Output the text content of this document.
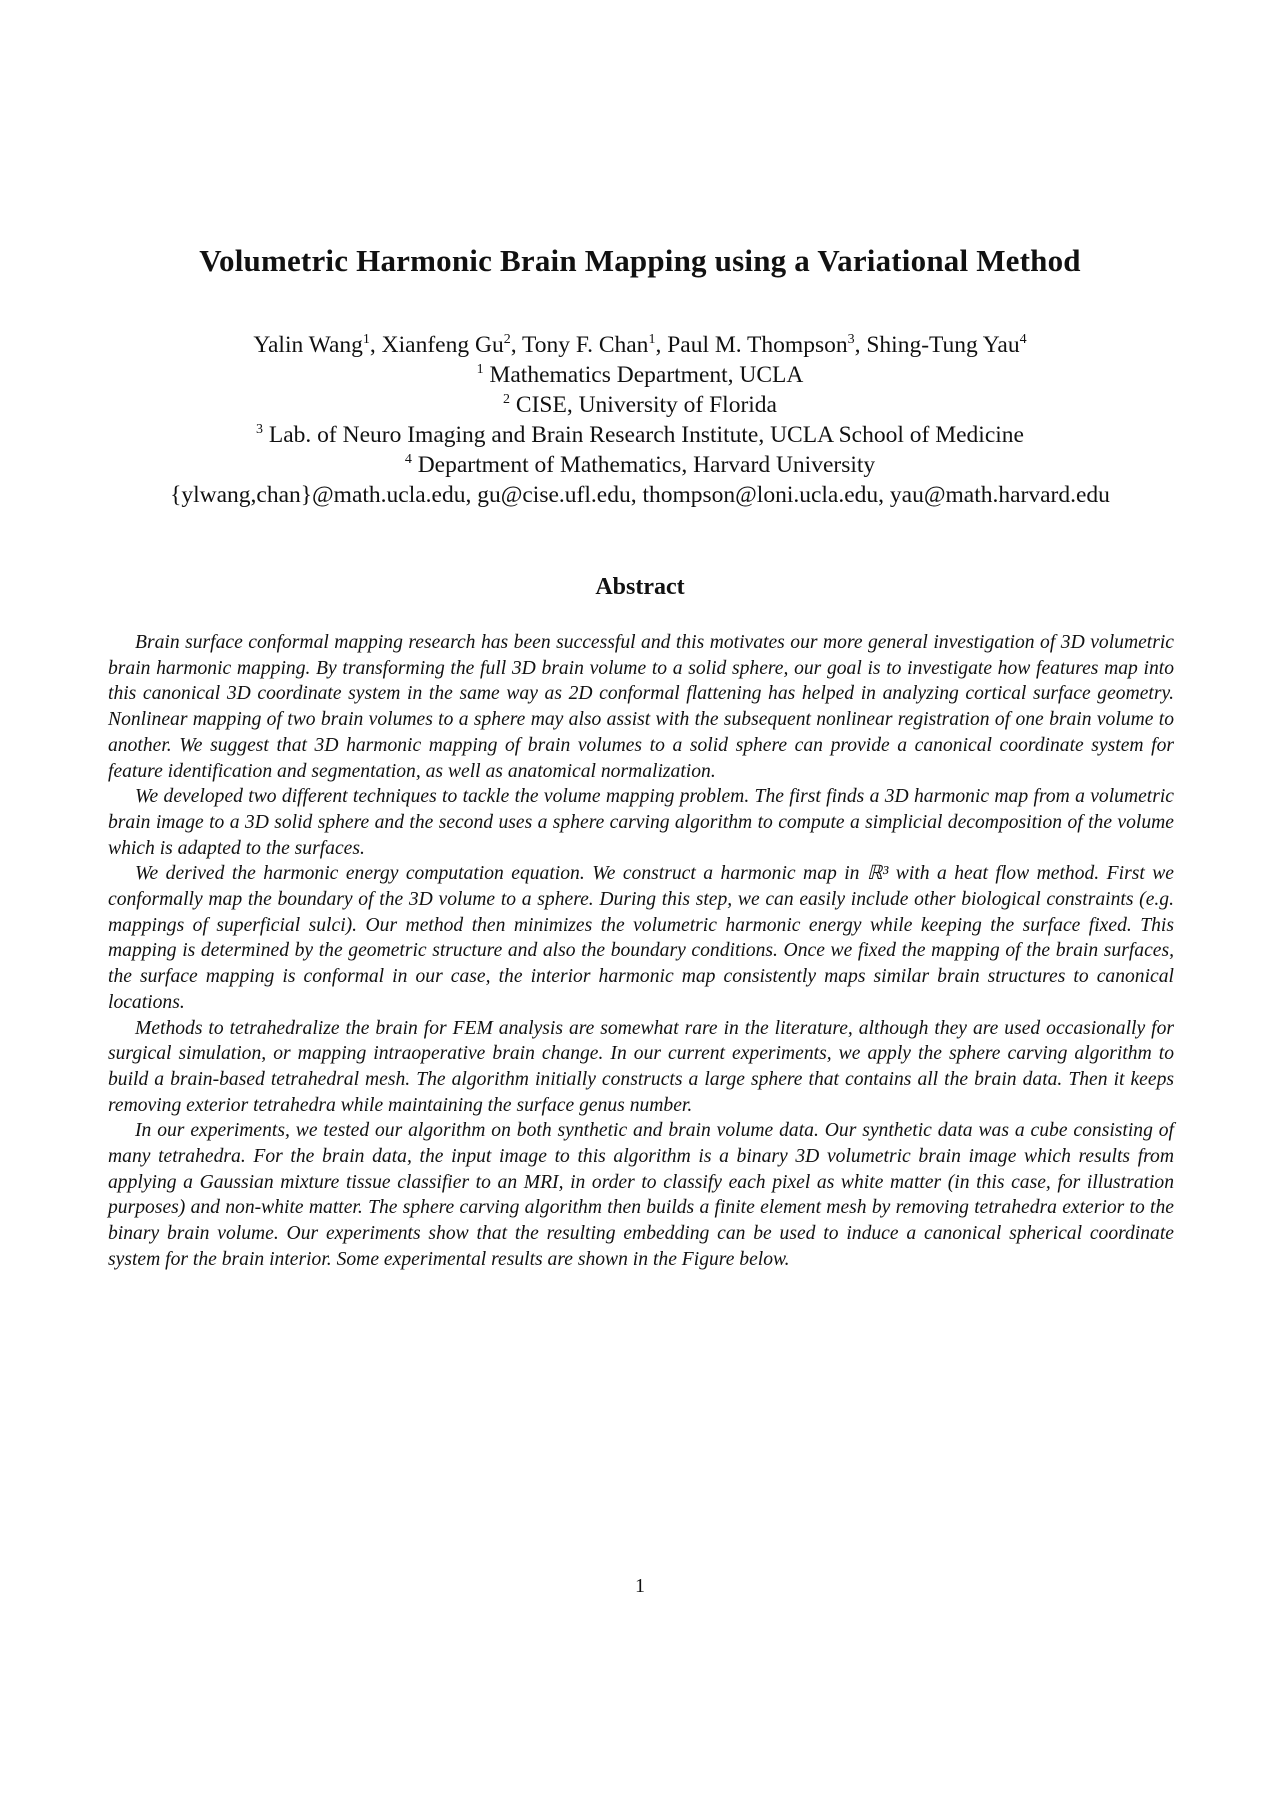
Volumetric Harmonic Brain Mapping using a Variational Method
Yalin Wang$^1$, Xianfeng Gu$^2$, Tony F. Chan$^1$, Paul M. Thompson$^3$, Shing-Tung Yau$^4$
$^1$ Mathematics Department, UCLA
$^2$ CISE, University of Florida
$^3$ Lab. of Neuro Imaging and Brain Research Institute, UCLA School of Medicine
$^4$ Department of Mathematics, Harvard University
{ylwang,chan}@math.ucla.edu, gu@cise.ufl.edu, thompson@loni.ucla.edu, yau@math.harvard.edu
Abstract

Brain surface conformal mapping research has been successful and this motivates our more general investigation of 3D volumetric brain harmonic mapping. By transforming the full 3D brain volume to a solid sphere, our goal is to investigate how features map into this canonical 3D coordinate system in the same way as 2D conformal flattening has helped in analyzing cortical surface geometry. Nonlinear mapping of two brain volumes to a sphere may also assist with the subsequent nonlinear registration of one brain volume to another. We suggest that 3D harmonic mapping of brain volumes to a solid sphere can provide a canonical coordinate system for feature identification and segmentation, as well as anatomical normalization.

We developed two different techniques to tackle the volume mapping problem. The first finds a 3D harmonic map from a volumetric brain image to a 3D solid sphere and the second uses a sphere carving algorithm to compute a simplicial decomposition of the volume which is adapted to the surfaces.

We derived the harmonic energy computation equation. We construct a harmonic map in ℝ³ with a heat flow method. First we conformally map the boundary of the 3D volume to a sphere. During this step, we can easily include other biological constraints (e.g. mappings of superficial sulci). Our method then minimizes the volumetric harmonic energy while keeping the surface fixed. This mapping is determined by the geometric structure and also the boundary conditions. Once we fixed the mapping of the brain surfaces, the surface mapping is conformal in our case, the interior harmonic map consistently maps similar brain structures to canonical locations.

Methods to tetrahedralize the brain for FEM analysis are somewhat rare in the literature, although they are used occasionally for surgical simulation, or mapping intraoperative brain change. In our current experiments, we apply the sphere carving algorithm to build a brain-based tetrahedral mesh. The algorithm initially constructs a large sphere that contains all the brain data. Then it keeps removing exterior tetrahedra while maintaining the surface genus number.

In our experiments, we tested our algorithm on both synthetic and brain volume data. Our synthetic data was a cube consisting of many tetrahedra. For the brain data, the input image to this algorithm is a binary 3D volumetric brain image which results from applying a Gaussian mixture tissue classifier to an MRI, in order to classify each pixel as white matter (in this case, for illustration purposes) and non-white matter. The sphere carving algorithm then builds a finite element mesh by removing tetrahedra exterior to the binary brain volume. Our experiments show that the resulting embedding can be used to induce a canonical spherical coordinate system for the brain interior. Some experimental results are shown in the Figure below.

1
